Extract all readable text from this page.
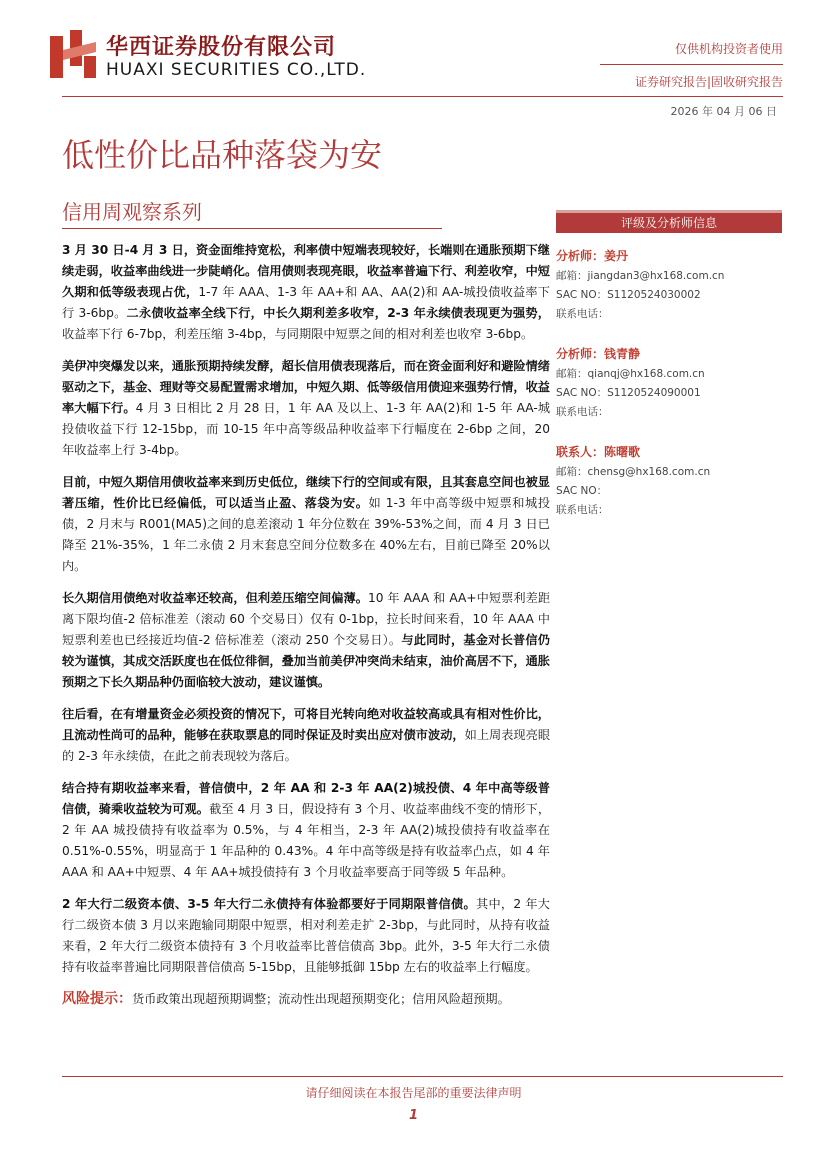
华西证券股份有限公司
HUAXI SECURITIES CO.,LTD.
仅供机构投资者使用
证券研究报告|固收研究报告
2026 年 04 月 06 日
低性价比品种落袋为安
信用周观察系列

3 月 30 日-4 月 3 日，资金面维持宽松，利率债中短端表现较好，长端则在通胀预期下继续走弱，收益率曲线进一步陡峭化。信用债则表现亮眼，收益率普遍下行、利差收窄，中短久期和低等级表现占优，1-7 年 AAA、1-3 年 AA+和 AA、AA(2)和 AA-城投债收益率下行 3-6bp。二永债收益率全线下行，中长久期利差多收窄，2-3 年永续债表现更为强势，收益率下行 6-7bp，利差压缩 3-4bp，与同期限中短票之间的相对利差也收窄 3-6bp。

美伊冲突爆发以来，通胀预期持续发酵，超长信用债表现落后，而在资金面利好和避险情绪驱动之下，基金、理财等交易配置需求增加，中短久期、低等级信用债迎来强势行情，收益率大幅下行。4 月 3 日相比 2 月 28 日，1 年 AA 及以上、1-3 年 AA(2)和 1-5 年 AA-城投债收益下行 12-15bp，而 10-15 年中高等级品种收益率下行幅度在 2-6bp 之间，20 年收益率上行 3-4bp。

目前，中短久期信用债收益率来到历史低位，继续下行的空间或有限，且其套息空间也被显著压缩，性价比已经偏低，可以适当止盈、落袋为安。如 1-3 年中高等级中短票和城投债，2 月末与 R001(MA5)之间的息差滚动 1 年分位数在 39%-53%之间，而 4 月 3 日已降至 21%-35%，1 年二永债 2 月末套息空间分位数多在 40%左右，目前已降至 20%以内。

长久期信用债绝对收益率还较高，但利差压缩空间偏薄。10 年 AAA 和 AA+中短票利差距离下限均值-2 倍标准差（滚动 60 个交易日）仅有 0-1bp，拉长时间来看，10 年 AAA 中短票利差也已经接近均值-2 倍标准差（滚动 250 个交易日）。与此同时，基金对长普信仍较为谨慎，其成交活跃度也在低位徘徊，叠加当前美伊冲突尚未结束，油价高居不下，通胀预期之下长久期品种仍面临较大波动，建议谨慎。

往后看，在有增量资金必须投资的情况下，可将目光转向绝对收益较高或具有相对性价比，且流动性尚可的品种，能够在获取票息的同时保证及时卖出应对债市波动，如上周表现亮眼的 2-3 年永续债，在此之前表现较为落后。

结合持有期收益率来看，普信债中，2 年 AA 和 2-3 年 AA(2)城投债、4 年中高等级普信债，骑乘收益较为可观。截至 4 月 3 日，假设持有 3 个月、收益率曲线不变的情形下，2 年 AA 城投债持有收益率为 0.5%，与 4 年相当，2-3 年 AA(2)城投债持有收益率在 0.51%-0.55%，明显高于 1 年品种的 0.43%。4 年中高等级是持有收益率凸点，如 4 年 AAA 和 AA+中短票、4 年 AA+城投债持有 3 个月收益率要高于同等级 5 年品种。

2 年大行二级资本债、3-5 年大行二永债持有体验都要好于同期限普信债。其中，2 年大行二级资本债 3 月以来跑输同期限中短票，相对利差走扩 2-3bp，与此同时，从持有收益来看，2 年大行二级资本债持有 3 个月收益率比普信债高 3bp。此外，3-5 年大行二永债持有收益率普遍比同期限普信债高 5-15bp，且能够抵御 15bp 左右的收益率上行幅度。

风险提示：货币政策出现超预期调整；流动性出现超预期变化；信用风险超预期。

评级及分析师信息
分析师：姜丹
邮箱：jiangdan3@hx168.com.cn
SAC NO：S1120524030002
联系电话：
分析师：钱青静
邮箱：qianqj@hx168.com.cn
SAC NO：S1120524090001
联系电话：
联系人：陈曙歌
邮箱：chensg@hx168.com.cn
SAC NO：
联系电话：
请仔细阅读在本报告尾部的重要法律声明
1
